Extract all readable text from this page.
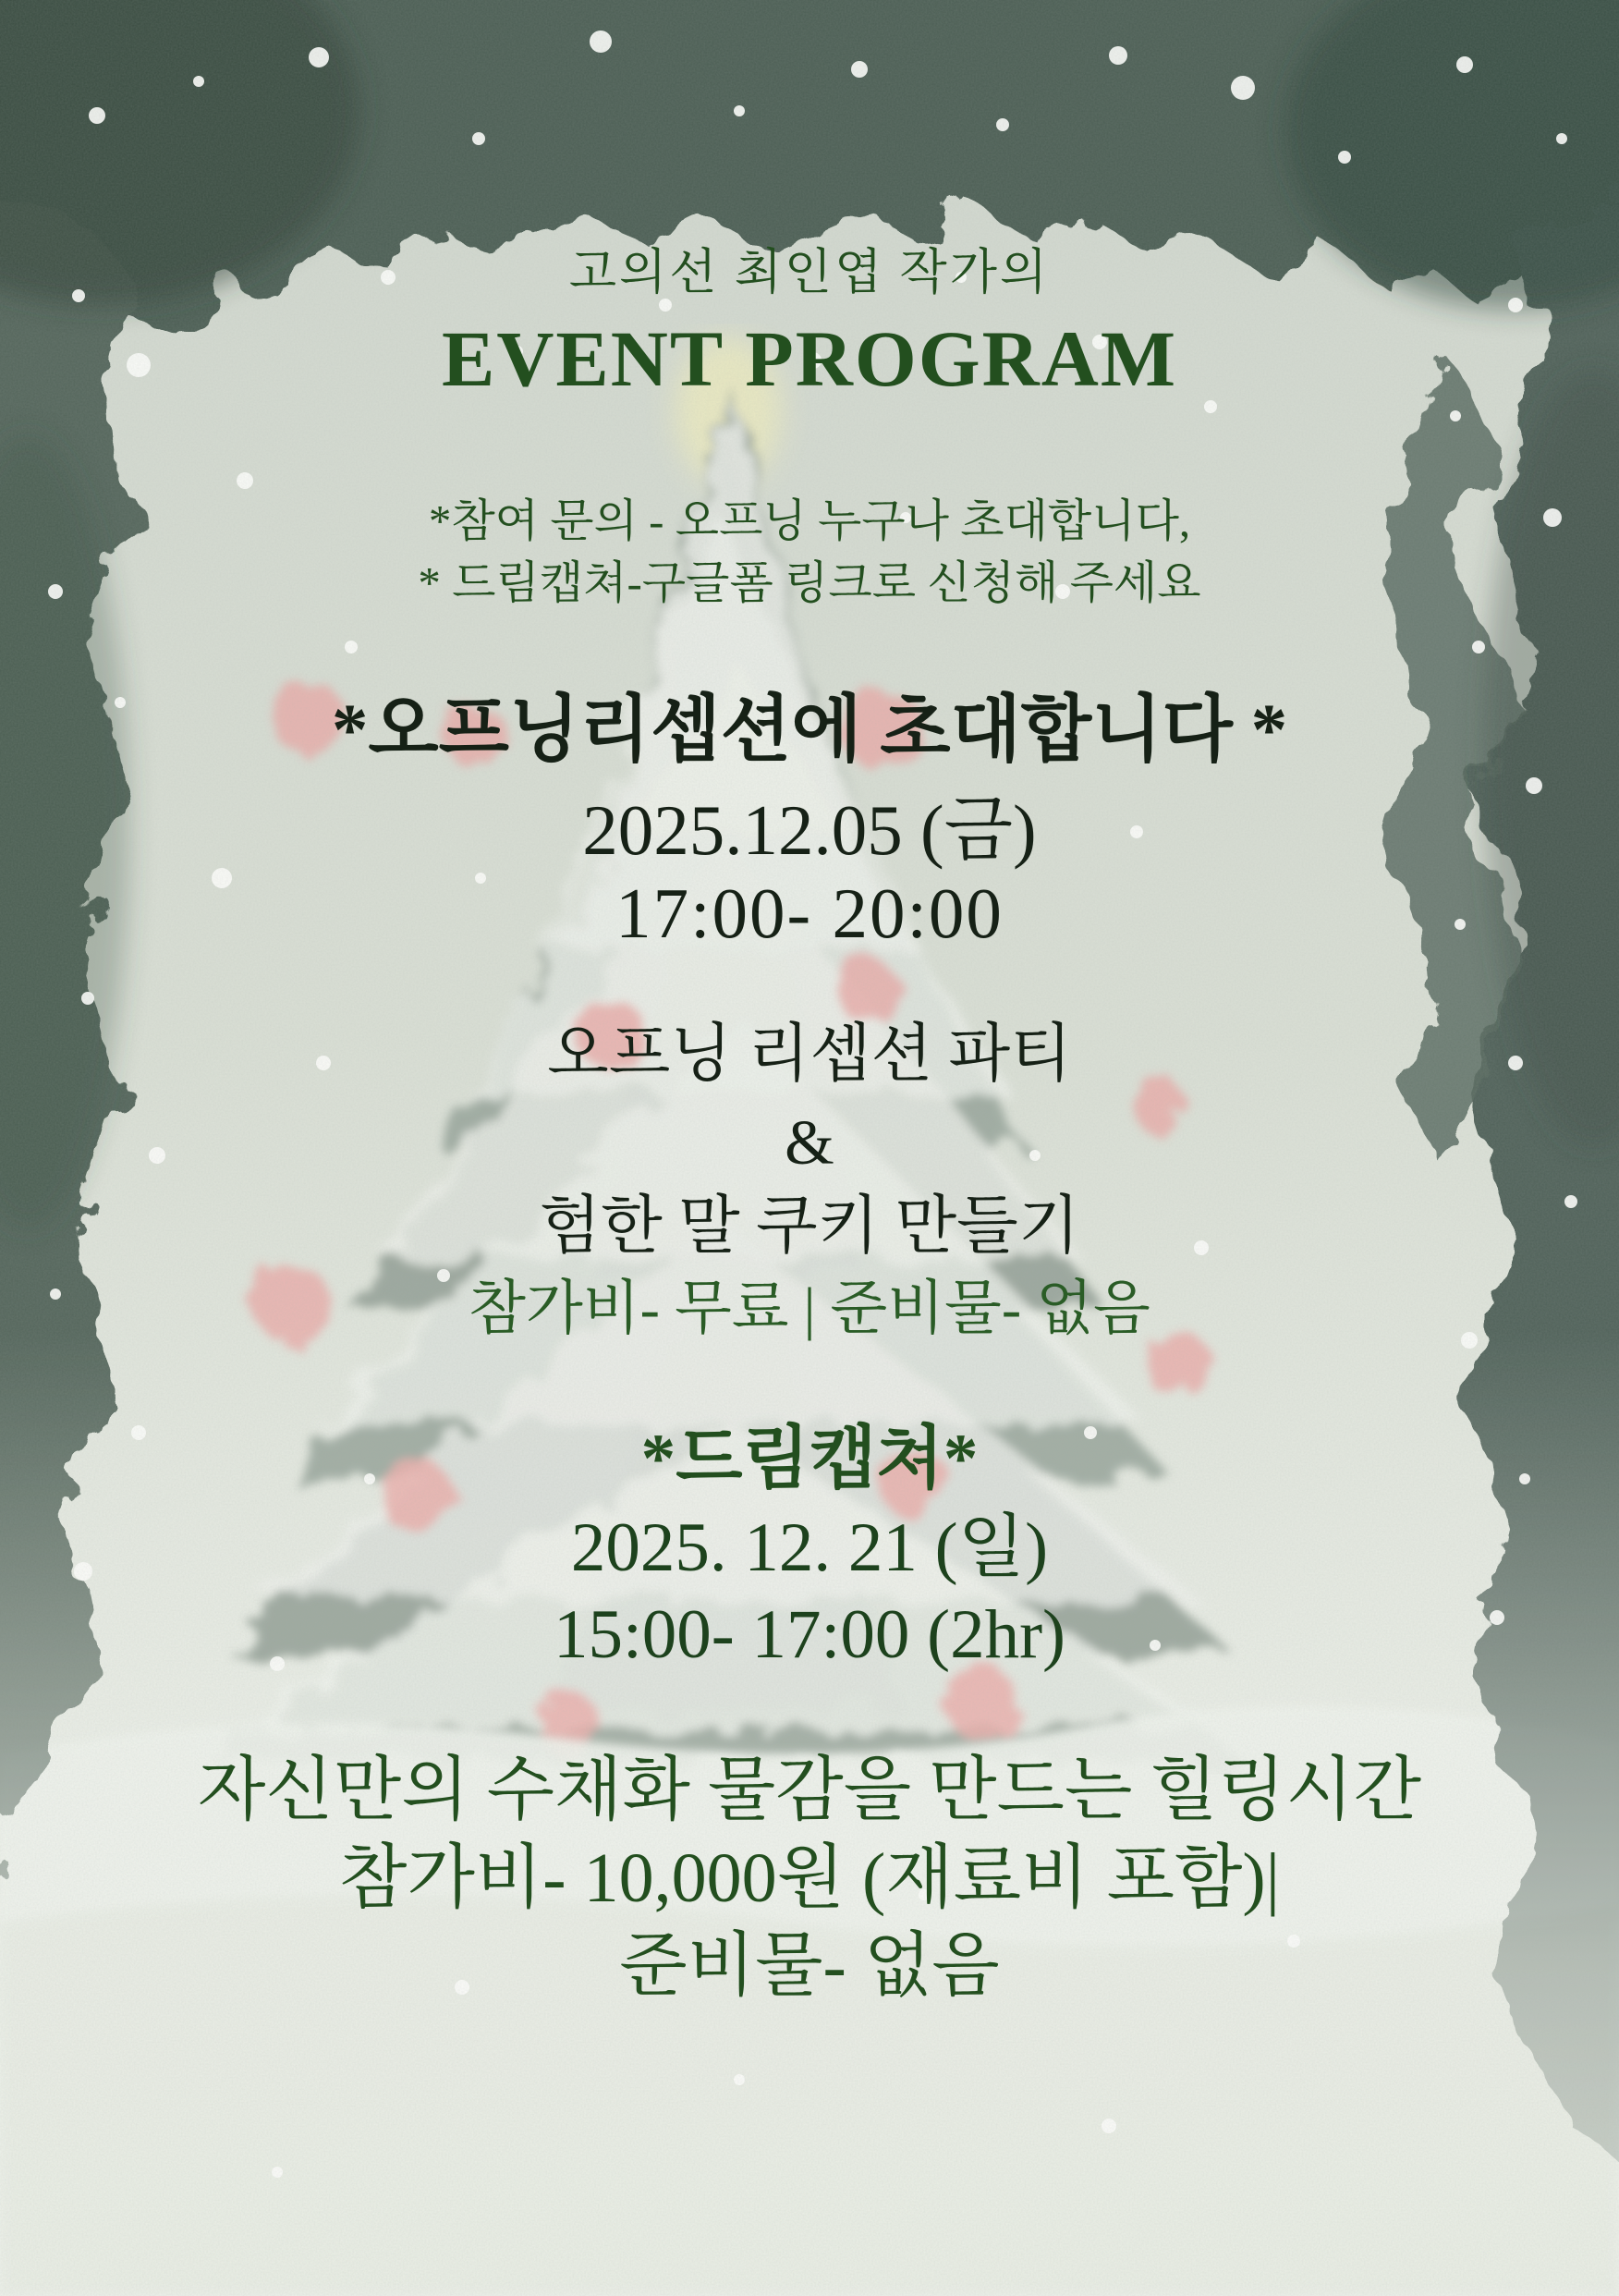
고의선 최인엽 작가의
EVENT PROGRAM
*참여 문의 - 오프닝 누구나 초대합니다,
* 드림캡쳐-구글폼 링크로 신청해 주세요
*오프닝리셉션에 초대합니다 *
2025.12.05 (금)
17:00- 20:00
오프닝 리셉션 파티
&
험한 말 쿠키 만들기
참가비- 무료 | 준비물- 없음
*드림캡쳐*
2025. 12. 21 (일)
15:00- 17:00 (2hr)
자신만의 수채화 물감을 만드는 힐링시간
참가비- 10,000원 (재료비 포함)|
준비물- 없음
